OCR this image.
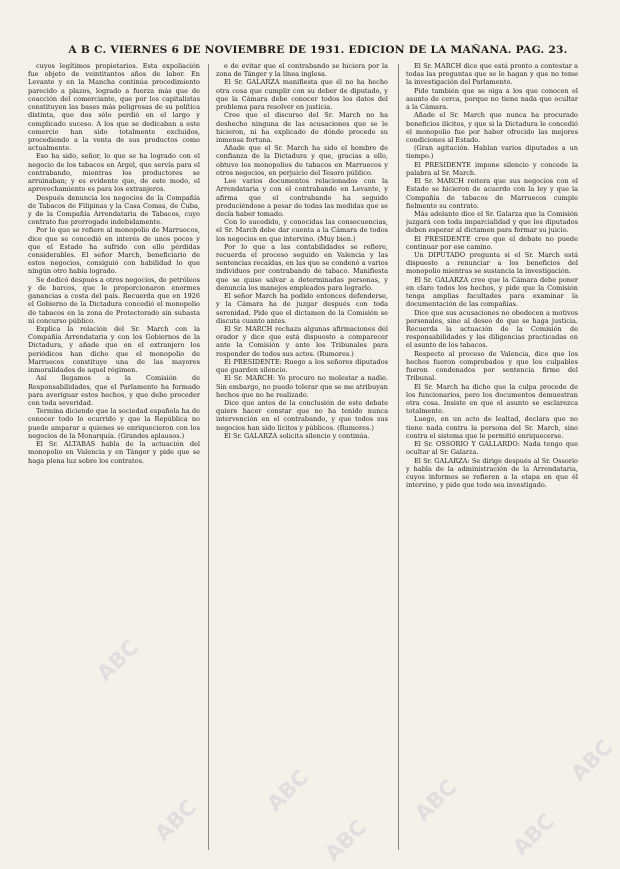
A B C. VIERNES 6 DE NOVIEMBRE DE 1931. EDICION DE LA MAÑANA. PAG. 23.

cuyos legítimos propietarios. Esta expoliación fue objeto de veintitantos años de labor. En Levante y en la Mancha continúa procedimiento parecido a plazos, logrado a fuerza más que de coacción del comerciante, que por los capitalistas constituyen las bases más peligrosas de su política distinta, que dos sólo perdió en el largo y complicado suceso. A los que se dedicaban a este comercio han sido totalmente excluidos, procediendo a la venta de sus productos como actualmente.

Eso ha sido, señor, lo que se ha logrado con el negocio de los tabacos en Argel, que servía para el contrabando, mientras los productores se arruinaban; y es evidente que, de este modo, el aprovechamiento es para los extranjeros.

Después denuncia los negocios de la Compañía de Tabacos de Filipinas y la Casa Comas, de Cuba, y de la Compañía Arrendataria de Tabacos, cuyo contrato fue prorrogado indebidamente.

Por lo que se refiere al monopolio de Marruecos, dice que se concedió en interés de unos pocos y que el Estado ha sufrido con ello pérdidas considerables. El señor March, beneficiario de estos negocios, consiguió con habilidad lo que ningún otro había logrado.

Se dedicó después a otros negocios, de petróleos y de barcos, que le proporcionaron enormes ganancias a costa del país. Recuerda que en 1926 el Gobierno de la Dictadura concedió el monopolio de tabacos en la zona de Protectorado sin subasta ni concurso público.

Explica la relación del Sr. March con la Compañía Arrendataria y con los Gobiernos de la Dictadura, y añade que en el extranjero los periódicos han dicho que el monopolio de Marruecos constituye una de las mayores inmoralidades de aquel régimen.

Así llegamos a la Comisión de Responsabilidades, que el Parlamento ha formado para averiguar estos hechos, y que debe proceder con toda severidad.

Termina diciendo que la sociedad española ha de conocer todo lo ocurrido y que la República no puede amparar a quienes se enriquecieron con los negocios de la Monarquía. (Grandes aplausos.)

El Sr. ALTABAS habla de la actuación del monopolio en Valencia y en Tánger y pide que se haga plena luz sobre los contratos.

e de evitar que el contrabando se hiciera por la zona de Tánger y la línea inglesa.

El Sr. GALARZA manifiesta que él no ha hecho otra cosa que cumplir con su deber de diputado, y que la Cámara debe conocer todos los datos del problema para resolver en justicia.

Cree que el discurso del Sr. March no ha deshecho ninguna de las acusaciones que se le hicieron, ni ha explicado de dónde procede su inmensa fortuna.

Añade que el Sr. March ha sido el hombre de confianza de la Dictadura y que, gracias a ello, obtuvo los monopolios de tabacos en Marruecos y otros negocios, en perjuicio del Tesoro público.

Lee varios documentos relacionados con la Arrendataria y con el contrabando en Levante, y afirma que el contrabando ha seguido produciéndose a pesar de todas las medidas que se decía haber tomado.

Con lo sucedido, y conocidas las consecuencias, el Sr. March debe dar cuenta a la Cámara de todos los negocios en que intervino. (Muy bien.)

Por lo que a las contabilidades se refiere, recuerda el proceso seguido en Valencia y las sentencias recaídas, en las que se condenó a varios individuos por contrabando de tabaco. Manifiesta que se quiso salvar a determinadas personas, y denuncia los manejos empleados para lograrlo.

El señor March ha podido entonces defenderse, y la Cámara ha de juzgar después con toda serenidad. Pide que el dictamen de la Comisión se discuta cuanto antes.

El Sr. MARCH rechaza algunas afirmaciones del orador y dice que está dispuesto a comparecer ante la Comisión y ante los Tribunales para responder de todos sus actos. (Rumores.)

El PRESIDENTE: Ruego a los señores diputados que guarden silencio.

El Sr. MARCH: Yo procuro no molestar a nadie. Sin embargo, no puedo tolerar que se me atribuyan hechos que no he realizado.

Dice que antes de la conclusión de este debate quiere hacer constar que no ha tenido nunca intervención en el contrabando, y que todos sus negocios han sido lícitos y públicos. (Rumores.)

El Sr. GALARZA solicita silencio y continúa.

El Sr. MARCH dice que está pronto a contestar a todas las preguntas que se le hagan y que no teme la investigación del Parlamento.

Pide también que se oiga a los que conocen el asunto de cerca, porque no tiene nada que ocultar a la Cámara.

Añade el Sr. March que nunca ha procurado beneficios ilícitos, y que si la Dictadura le concedió el monopolio fue por haber ofrecido las mejores condiciones al Estado.

(Gran agitación. Hablan varios diputados a un tiempo.)

El PRESIDENTE impone silencio y concede la palabra al Sr. March.

El Sr. MARCH reitera que sus negocios con el Estado se hicieron de acuerdo con la ley y que la Compañía de tabacos de Marruecos cumple fielmente su contrato.

Más adelante dice el Sr. Galarza que la Comisión juzgará con toda imparcialidad y que los diputados deben esperar al dictamen para formar su juicio.

El PRESIDENTE cree que el debate no puede continuar por ese camino.

Un DIPUTADO pregunta si el Sr. March está dispuesto a renunciar a los beneficios del monopolio mientras se sustancia la investigación.

El Sr. GALARZA cree que la Cámara debe poner en claro todos los hechos, y pide que la Comisión tenga amplias facultades para examinar la documentación de las compañías.

Dice que sus acusaciones no obedecen a motivos personales, sino al deseo de que se haga justicia. Recuerda la actuación de la Comisión de responsabilidades y las diligencias practicadas en el asunto de los tabacos.

Respecto al proceso de Valencia, dice que los hechos fueron comprobados y que los culpables fueron condenados por sentencia firme del Tribunal.

El Sr. March ha dicho que la culpa procede de los funcionarios, pero los documentos demuestran otra cosa. Insiste en que el asunto se esclarezca totalmente.

Luego, en un acto de lealtad, declara que no tiene nada contra la persona del Sr. March, sino contra el sistema que le permitió enriquecerse.

El Sr. OSSORIO Y GALLARDO: Nada tengo que ocultar al Sr. Galarza.

El Sr. GALARZA: Se dirige después al Sr. Ossorio y habla de la administración de la Arrendataria, cuyos informes se refieren a la etapa en que él intervino, y pide que todo sea investigado.

ABC
ABC
ABC
ABC
ABC
ABC
ABC
